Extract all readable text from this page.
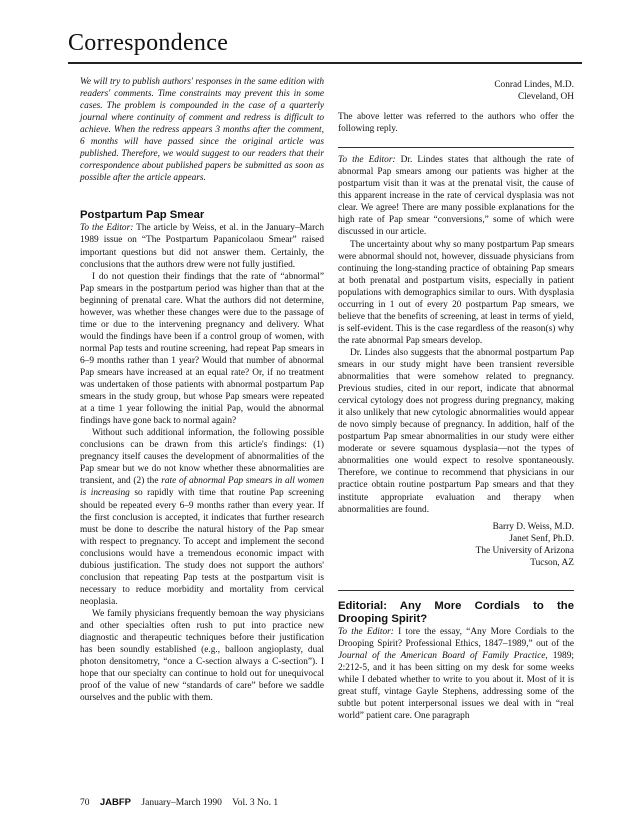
Correspondence

We will try to publish authors' responses in the same edition with readers' comments. Time constraints may prevent this in some cases. The problem is compounded in the case of a quarterly journal where continuity of comment and redress is difficult to achieve. When the redress appears 3 months after the comment, 6 months will have passed since the original article was published. Therefore, we would suggest to our readers that their correspondence about published papers be submitted as soon as possible after the article appears.

Postpartum Pap Smear

To the Editor: The article by Weiss, et al. in the January–March 1989 issue on “The Postpartum Papanicolaou Smear” raised important questions but did not answer them. Certainly, the conclusions that the authors drew were not fully justified.

I do not question their findings that the rate of “abnormal” Pap smears in the postpartum period was higher than that at the beginning of prenatal care. What the authors did not determine, however, was whether these changes were due to the passage of time or due to the intervening pregnancy and delivery. What would the findings have been if a control group of women, with normal Pap tests and routine screening, had repeat Pap smears in 6–9 months rather than 1 year? Would that number of abnormal Pap smears have increased at an equal rate? Or, if no treatment was undertaken of those patients with abnormal postpartum Pap smears in the study group, but whose Pap smears were repeated at a time 1 year following the initial Pap, would the abnormal findings have gone back to normal again?

Without such additional information, the following possible conclusions can be drawn from this article's findings: (1) pregnancy itself causes the development of abnormalities of the Pap smear but we do not know whether these abnormalities are transient, and (2) the rate of abnormal Pap smears in all women is increasing so rapidly with time that routine Pap screening should be repeated every 6–9 months rather than every year. If the first conclusion is accepted, it indicates that further research must be done to describe the natural history of the Pap smear with respect to pregnancy. To accept and implement the second conclusions would have a tremendous economic impact with dubious justification. The study does not support the authors' conclusion that repeating Pap tests at the postpartum visit is necessary to reduce morbidity and mortality from cervical neoplasia.

We family physicians frequently bemoan the way physicians and other specialties often rush to put into practice new diagnostic and therapeutic techniques before their justification has been soundly established (e.g., balloon angioplasty, dual photon densitometry, “once a C-section always a C-section”). I hope that our specialty can continue to hold out for unequivocal proof of the value of new “standards of care” before we saddle ourselves and the public with them.

Conrad Lindes, M.D.
Cleveland, OH

The above letter was referred to the authors who offer the following reply.

To the Editor: Dr. Lindes states that although the rate of abnormal Pap smears among our patients was higher at the postpartum visit than it was at the prenatal visit, the cause of this apparent increase in the rate of cervical dysplasia was not clear. We agree! There are many possible explanations for the high rate of Pap smear “conversions,” some of which were discussed in our article.

The uncertainty about why so many postpartum Pap smears were abnormal should not, however, dissuade physicians from continuing the long-standing practice of obtaining Pap smears at both prenatal and postpartum visits, especially in patient populations with demographics similar to ours. With dysplasia occurring in 1 out of every 20 postpartum Pap smears, we believe that the benefits of screening, at least in terms of yield, is self-evident. This is the case regardless of the reason(s) why the rate abnormal Pap smears develop.

Dr. Lindes also suggests that the abnormal postpartum Pap smears in our study might have been transient reversible abnormalities that were somehow related to pregnancy. Previous studies, cited in our report, indicate that abnormal cervical cytology does not progress during pregnancy, making it also unlikely that new cytologic abnormalities would appear de novo simply because of pregnancy. In addition, half of the postpartum Pap smear abnormalities in our study were either moderate or severe squamous dysplasia—not the types of abnormalities one would expect to resolve spontaneously. Therefore, we continue to recommend that physicians in our practice obtain routine postpartum Pap smears and that they institute appropriate evaluation and therapy when abnormalities are found.

Barry D. Weiss, M.D.
Janet Senf, Ph.D.
The University of Arizona
Tucson, AZ
Editorial: Any More Cordials to the Drooping Spirit?

To the Editor: I tore the essay, “Any More Cordials to the Drooping Spirit? Professional Ethics, 1847–1989,” out of the Journal of the American Board of Family Practice, 1989; 2:212-5, and it has been sitting on my desk for some weeks while I debated whether to write to you about it. Most of it is great stuff, vintage Gayle Stephens, addressing some of the subtle but potent interpersonal issues we deal with in “real world” patient care. One paragraph

70 JABFP January–March 1990 Vol. 3 No. 1
